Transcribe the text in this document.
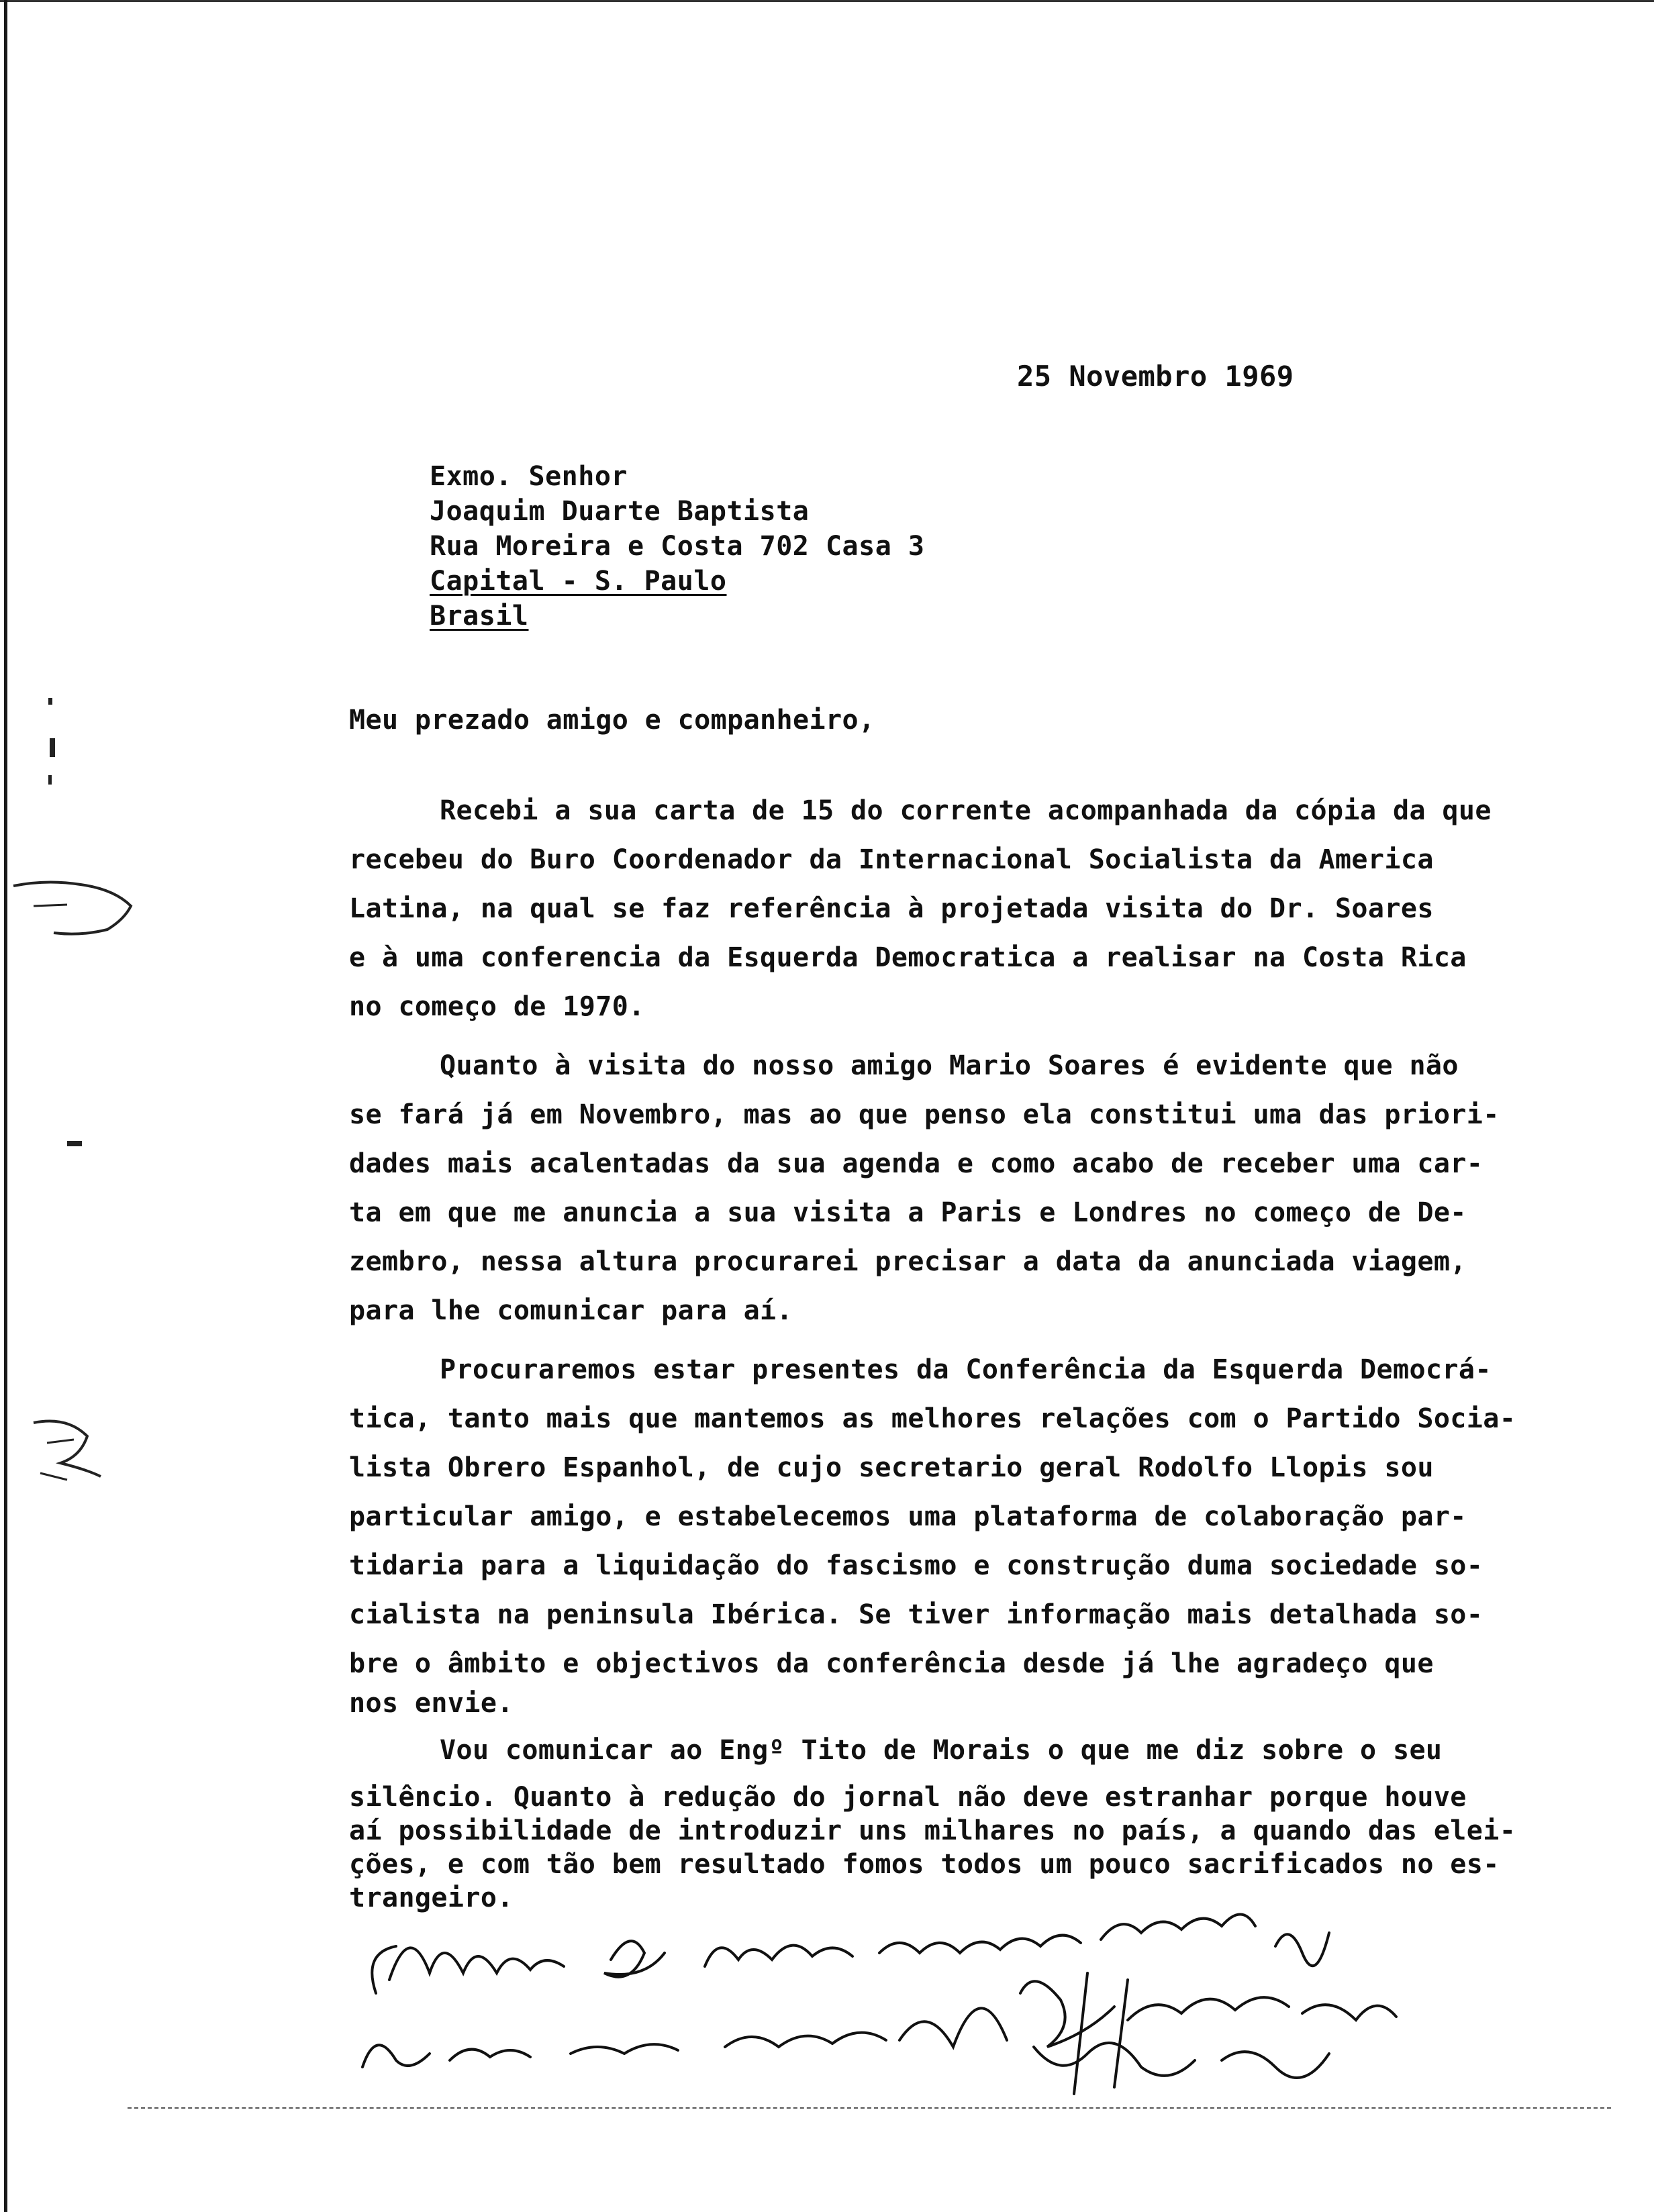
25 Novembro 1969
Exmo. Senhor
Joaquim Duarte Baptista
Rua Moreira e Costa 702 Casa 3
Capital - S. Paulo
Brasil
Meu prezado amigo e companheiro,
Recebi a sua carta de 15 do corrente acompanhada da cópia da que
recebeu do Buro Coordenador da Internacional Socialista da America
Latina, na qual se faz referência à projetada visita do Dr. Soares
e à uma conferencia da Esquerda Democratica a realisar na Costa Rica
no começo de 1970.
Quanto à visita do nosso amigo Mario Soares é evidente que não
se fará já em Novembro, mas ao que penso ela constitui uma das priori-
dades mais acalentadas da sua agenda e como acabo de receber uma car-
ta em que me anuncia a sua visita a Paris e Londres no começo de De-
zembro, nessa altura procurarei precisar a data da anunciada viagem,
para lhe comunicar para aí.
Procuraremos estar presentes da Conferência da Esquerda Democrá-
tica, tanto mais que mantemos as melhores relações com o Partido Socia-
lista Obrero Espanhol, de cujo secretario geral Rodolfo Llopis sou
particular amigo, e estabelecemos uma plataforma de colaboração par-
tidaria para a liquidação do fascismo e construção duma sociedade so-
cialista na peninsula Ibérica. Se tiver informação mais detalhada so-
bre o âmbito e objectivos da conferência desde já lhe agradeço que
nos envie.
Vou comunicar ao Engº Tito de Morais o que me diz sobre o seu
silêncio. Quanto à redução do jornal não deve estranhar porque houve
aí possibilidade de introduzir uns milhares no país, a quando das elei-
ções, e com tão bem resultado fomos todos um pouco sacrificados no es-
trangeiro.
